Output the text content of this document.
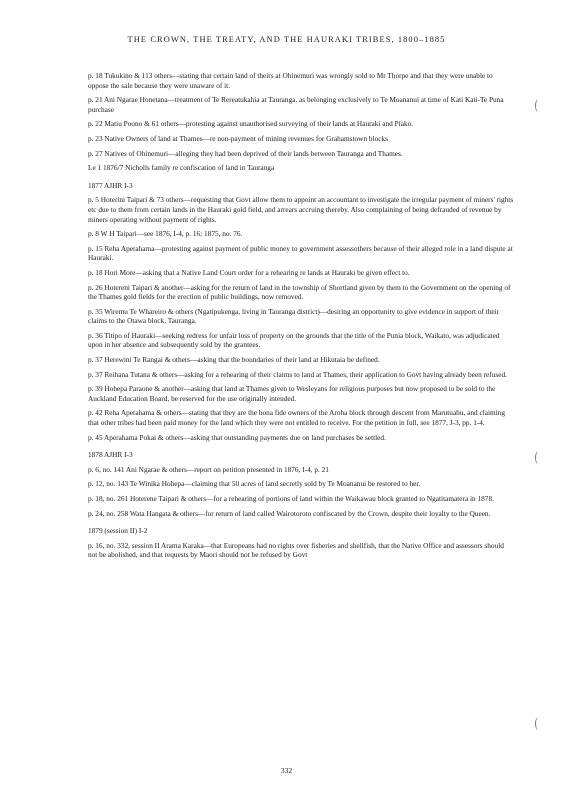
THE CROWN, THE TREATY, AND THE HAURAKI TRIBES, 1800–1885
(
(
(

p. 18 Tukukino & 113 others—stating that certain land of theirs at Ohinemuri was wrongly sold to Mr Thorpe and that they were unable to oppose the sale because they were unaware of it.

p. 21 Ani Ngarae Honetana—treatment of Te Rereatukahia at Tauranga, as belonging exclusively to Te Moananui at time of Kati Kati-Te Puna purchase

p. 22 Matiu Poono & 61 others—protesting against unauthorised surveying of their lands at Hauraki and Piako.

p. 23 Native Owners of land at Thames—re non-payment of mining revenues for Grahamstown blocks

p. 27 Natives of Ohinemuri—alleging they had been deprived of their lands between Tauranga and Thames.

Le 1 1876/7 Nicholls family re confiscation of land in Tauranga

1877 AJHR I-3

p. 5 Hoterini Taipari & 73 others—requesting that Govt allow them to appoint an accountant to investigate the irregular payment of miners' rights etc due to them from certain lands in the Hauraki gold field, and arrears accruing thereby. Also complaining of being defrauded of revenue by miners operating without payment of rights.

p. 8 W H Taipari—see 1876, I-4, p. 16; 1875, no. 76.

p. 15 Reha Aperahama—protesting against payment of public money to government assessothers because of their alleged role in a land dispute at Hauraki.

p. 18 Hori More—asking that a Native Land Court order for a rehearing re lands at Hauraki be given effect to.

p. 26 Hotereni Taipari & another—asking for the return of land in the township of Shortland given by them to the Government on the opening of the Thames gold fields for the erection of public buildings, now removed.

p. 35 Wiremu Te Whareiro & others (Ngatipukenga, living in Tauranga district)—desiring an opportunity to give evidence in support of their claims to the Otawa block, Tauranga.

p. 36 Titipo of Hauraki—seeking redress for unfair loss of property on the grounds that the title of the Punia block, Waikato, was adjudicated upon in her absence and subsequently sold by the grantees.

p. 37 Herewini Te Rangai & others—asking that the boundaries of their land at Hikutaia be defined.

p. 37 Reihana Tutana & others—asking for a rehearing of their claims to land at Thames, their application to Govt having already been refused.

p. 39 Hohepa Paraone & another—asking that land at Thames given to Wesleyans for religious purposes but now proposed to be sold to the Auckland Education Board, be reserved for the use originally intended.

p. 42 Reha Aperahama & others—stating that they are the bona fide owners of the Aroha block through descent from Marutuahu, and claiming that other tribes had been paid money for the land which they were not entitled to receive. For the petition in full, see 1877, J-3, pp. 1-4.

p. 45 Aperahama Pokai & others—asking that outstanding payments due on land purchases be settled.

1878 AJHR I-3

p. 6, no. 141 Ani Ngarae & others—report on petition presented in 1876, I-4, p. 21

p. 12, no. 143 Te Winika Hohepa—claiming that 50 acres of land secretly sold by Te Moananui be restored to her.

p. 18, no. 261 Hoterene Taipari & others—for a rehearing of portions of land within the Waikawau block granted to Ngatitamatera in 1878.

p. 24, no. 258 Wata Hangata & others—for return of land called Wairotoroto confiscated by the Crown, despite their loyalty to the Queen.

1879 (session II) I-2

p. 16, no. 332, session II Arama Karaka—that Europeans had no rights over fisheries and shellfish, that the Native Office and assessors should not be abolished, and that requests by Maori should not be refused by Govt

332
